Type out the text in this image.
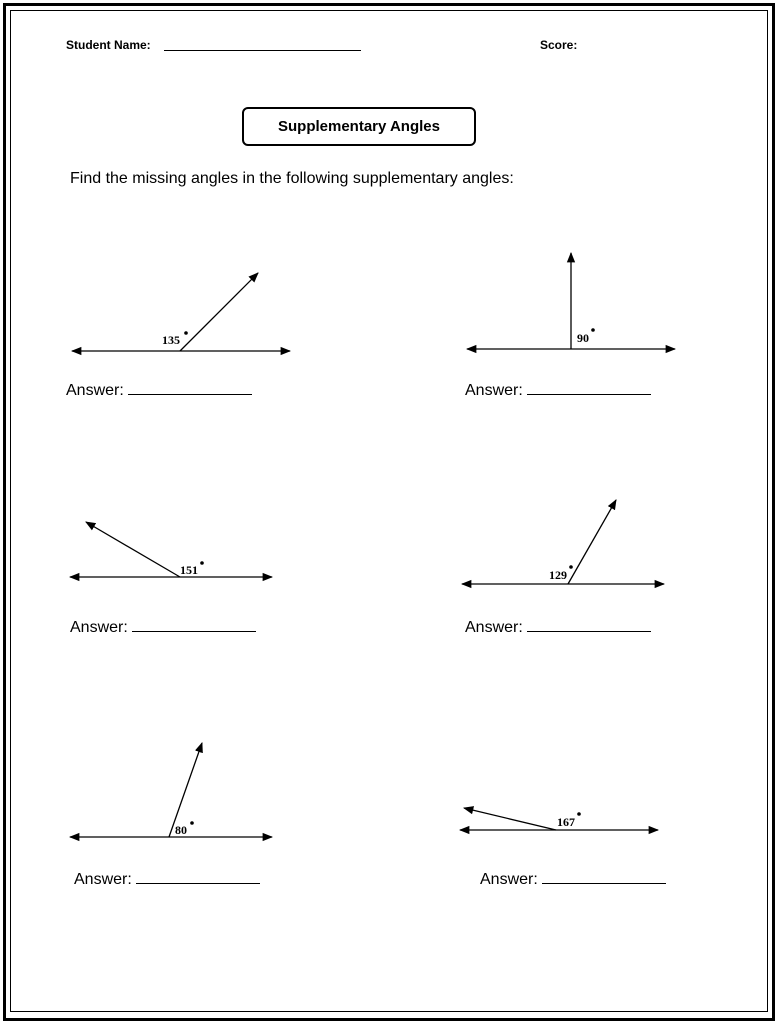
Student Name:	Score:
Supplementary Angles
Find the missing angles in the following supplementary angles:
135	90
151	129
80
167
Answer:	Answer:
Answer:	Answer:
Answer:	Answer:
